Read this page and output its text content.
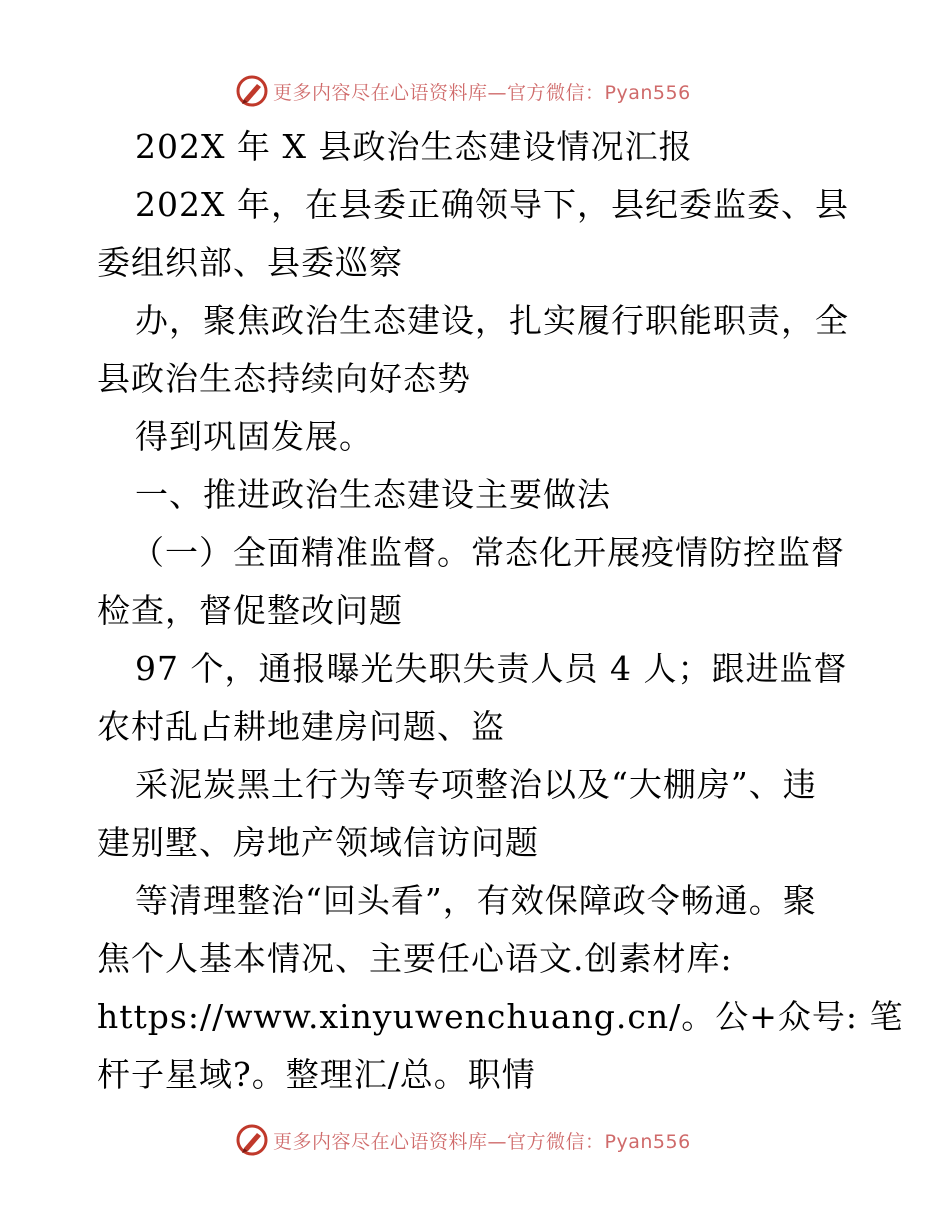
更多内容尽在心语资料库—官方微信：Pyan556
202X 年 X 县政治生态建设情况汇报
202X 年，在县委正确领导下，县纪委监委、县
委组织部、县委巡察
办，聚焦政治生态建设，扎实履行职能职责，全
县政治生态持续向好态势
得到巩固发展。
一、推进政治生态建设主要做法
（一）全面精准监督。常态化开展疫情防控监督
检查，督促整改问题
97 个，通报曝光失职失责人员 4 人；跟进监督
农村乱占耕地建房问题、盗
采泥炭黑土行为等专项整治以及“大棚房”、违
建别墅、房地产领域信访问题
等清理整治“回头看”，有效保障政令畅通。聚
焦个人基本情况、主要任心语文.创素材库:
https://www.xinyuwenchuang.cn/。公+众号: 笔
杆子星域?。整理汇/总。职情
更多内容尽在心语资料库—官方微信：Pyan556
